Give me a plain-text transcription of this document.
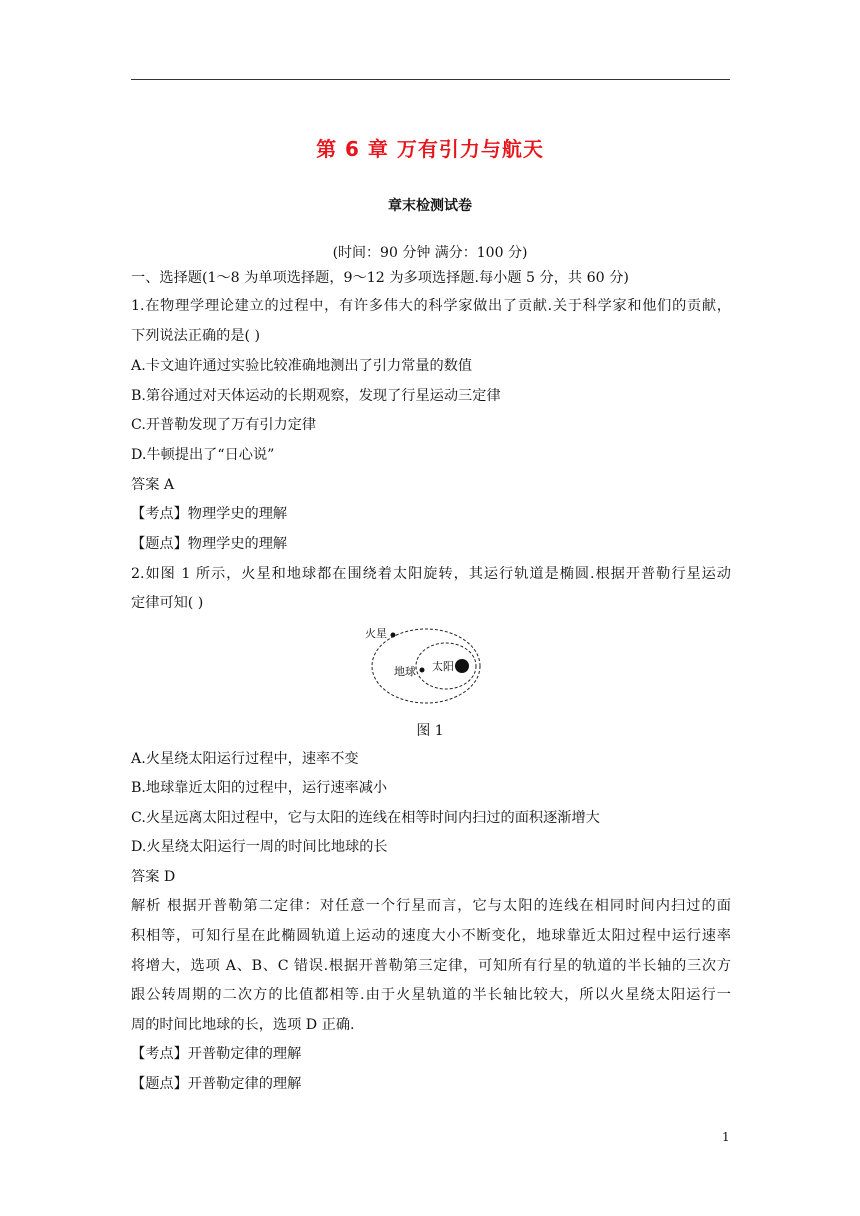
第 6 章 万有引力与航天
章末检测试卷
(时间：90 分钟 满分：100 分)
一、选择题(1～8 为单项选择题，9～12 为多项选择题.每小题 5 分，共 60 分)
1.在物理学理论建立的过程中，有许多伟大的科学家做出了贡献.关于科学家和他们的贡献，
下列说法正确的是( )
A.卡文迪许通过实验比较准确地测出了引力常量的数值
B.第谷通过对天体运动的长期观察，发现了行星运动三定律
C.开普勒发现了万有引力定律
D.牛顿提出了“日心说”
答案 A
【考点】物理学史的理解
【题点】物理学史的理解
2.如图 1 所示，火星和地球都在围绕着太阳旋转，其运行轨道是椭圆.根据开普勒行星运动
定律可知( )
火星
地球 太阳
图 1
A.火星绕太阳运行过程中，速率不变
B.地球靠近太阳的过程中，运行速率减小
C.火星远离太阳过程中，它与太阳的连线在相等时间内扫过的面积逐渐增大
D.火星绕太阳运行一周的时间比地球的长
答案 D
解析 根据开普勒第二定律：对任意一个行星而言，它与太阳的连线在相同时间内扫过的面
积相等，可知行星在此椭圆轨道上运动的速度大小不断变化，地球靠近太阳过程中运行速率
将增大，选项 A、B、C 错误.根据开普勒第三定律，可知所有行星的轨道的半长轴的三次方
跟公转周期的二次方的比值都相等.由于火星轨道的半长轴比较大，所以火星绕太阳运行一
周的时间比地球的长，选项 D 正确.
【考点】开普勒定律的理解
【题点】开普勒定律的理解
1
